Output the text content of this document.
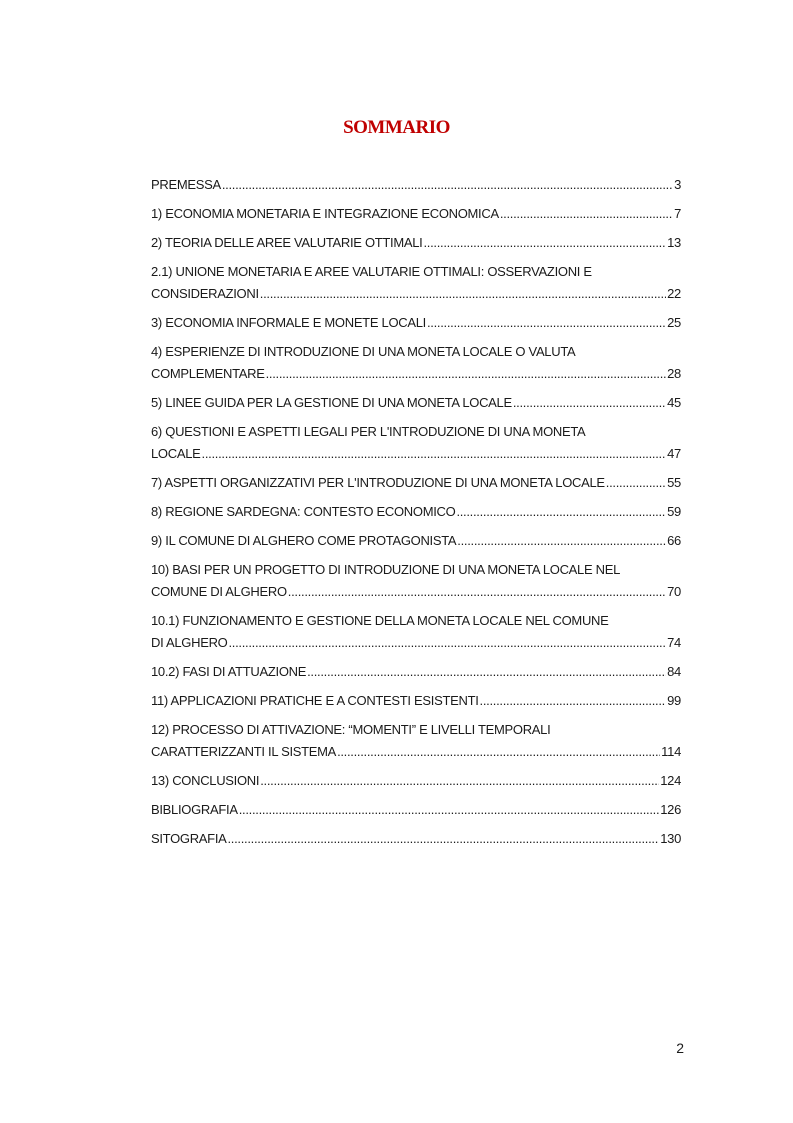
SOMMARIO
PREMESSA .....	3
1) ECONOMIA MONETARIA E INTEGRAZIONE ECONOMICA .....	7
2) TEORIA DELLE AREE VALUTARIE OTTIMALI .....	13
2.1) UNIONE MONETARIA E AREE VALUTARIE OTTIMALI: OSSERVAZIONI E
CONSIDERAZIONI .....	22
3) ECONOMIA INFORMALE E MONETE LOCALI .....	25
4) ESPERIENZE DI INTRODUZIONE DI UNA MONETA LOCALE O VALUTA
COMPLEMENTARE .....	28
5) LINEE GUIDA PER LA GESTIONE DI UNA MONETA LOCALE .....	45
6) QUESTIONI E ASPETTI LEGALI PER L'INTRODUZIONE DI UNA MONETA
LOCALE .....	47
7) ASPETTI ORGANIZZATIVI PER L'INTRODUZIONE DI UNA MONETA LOCALE .....	55
8) REGIONE SARDEGNA: CONTESTO ECONOMICO .....	59
9) IL COMUNE DI ALGHERO COME PROTAGONISTA .....	66
10) BASI PER UN PROGETTO DI INTRODUZIONE DI UNA MONETA LOCALE NEL
COMUNE DI ALGHERO .....	70
10.1) FUNZIONAMENTO E GESTIONE DELLA MONETA LOCALE NEL COMUNE
DI ALGHERO .....	74
10.2) FASI DI ATTUAZIONE .....	84
11) APPLICAZIONI PRATICHE E A CONTESTI ESISTENTI .....	99
12) PROCESSO DI ATTIVAZIONE: “MOMENTI” E LIVELLI TEMPORALI
CARATTERIZZANTI IL SISTEMA .....	114
13) CONCLUSIONI .....	124
BIBLIOGRAFIA .....	126
SITOGRAFIA .....	130
2
